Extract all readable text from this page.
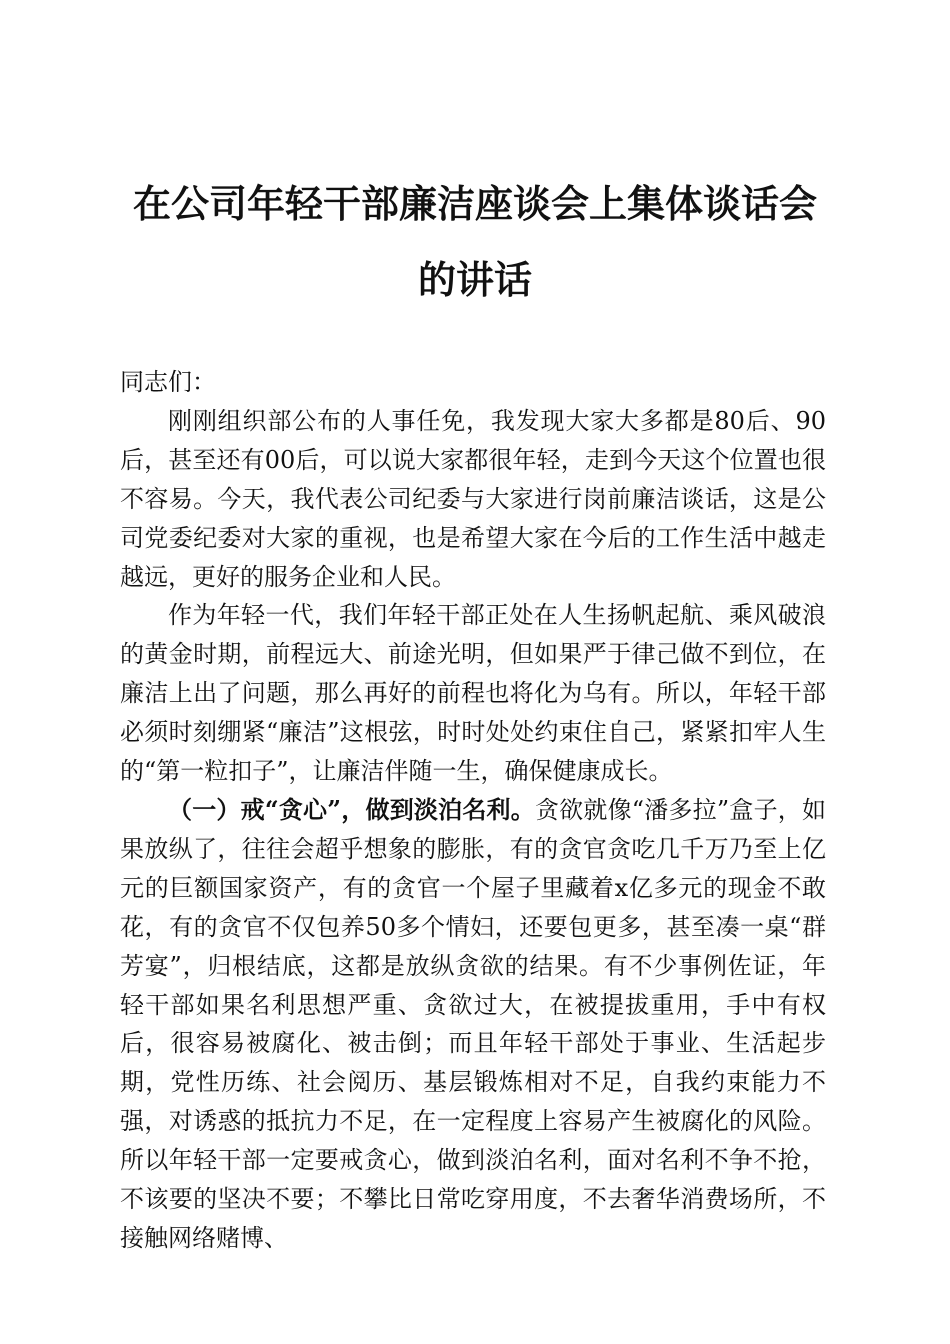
在公司年轻干部廉洁座谈会上集体谈话会的讲话

同志们：

刚刚组织部公布的人事任免，我发现大家大多都是80后、90后，甚至还有00后，可以说大家都很年轻，走到今天这个位置也很不容易。今天，我代表公司纪委与大家进行岗前廉洁谈话，这是公司党委纪委对大家的重视，也是希望大家在今后的工作生活中越走越远，更好的服务企业和人民。

作为年轻一代，我们年轻干部正处在人生扬帆起航、乘风破浪的黄金时期，前程远大、前途光明，但如果严于律己做不到位，在廉洁上出了问题，那么再好的前程也将化为乌有。所以，年轻干部必须时刻绷紧“廉洁”这根弦，时时处处约束住自己，紧紧扣牢人生的“第一粒扣子”，让廉洁伴随一生，确保健康成长。

（一）戒“贪心”，做到淡泊名利。贪欲就像“潘多拉”盒子，如果放纵了，往往会超乎想象的膨胀，有的贪官贪吃几千万乃至上亿元的巨额国家资产，有的贪官一个屋子里藏着x亿多元的现金不敢花，有的贪官不仅包养50多个情妇，还要包更多，甚至凑一桌“群芳宴”，归根结底，这都是放纵贪欲的结果。有不少事例佐证，年轻干部如果名利思想严重、贪欲过大，在被提拔重用，手中有权后，很容易被腐化、被击倒；而且年轻干部处于事业、生活起步期，党性历练、社会阅历、基层锻炼相对不足，自我约束能力不强，对诱惑的抵抗力不足，在一定程度上容易产生被腐化的风险。所以年轻干部一定要戒贪心，做到淡泊名利，面对名利不争不抢，不该要的坚决不要；不攀比日常吃穿用度，不去奢华消费场所，不接触网络赌博、
